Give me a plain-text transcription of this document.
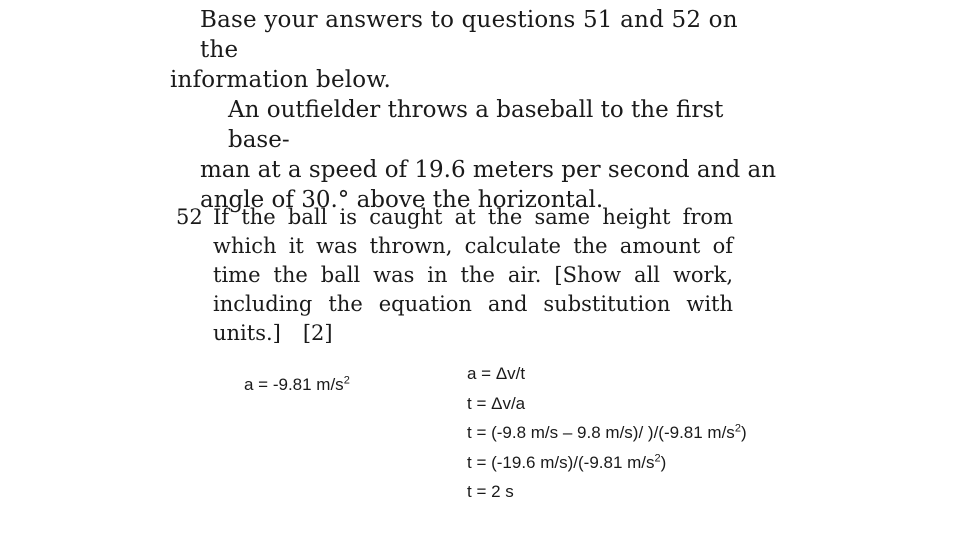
Base your answers to questions 51 and 52 on the
information below.
An outfielder throws a baseball to the first base-
man at a speed of 19.6 meters per second and an
angle of 30.° above the horizontal.
52 If the ball is caught at the same height from
which it was thrown, calculate the amount of
time the ball was in the air. [Show all work,
including the equation and substitution with
units.] [2]
a = -9.81 $m/s^2$	a = Δv/t
t = Δv/a
t = (-9.8 m/s – 9.8 m/s)/ )/(-9.81 $m/s^2$)
t = (-19.6 m/s)/(-9.81 $m/s^2$)
t = 2 s
